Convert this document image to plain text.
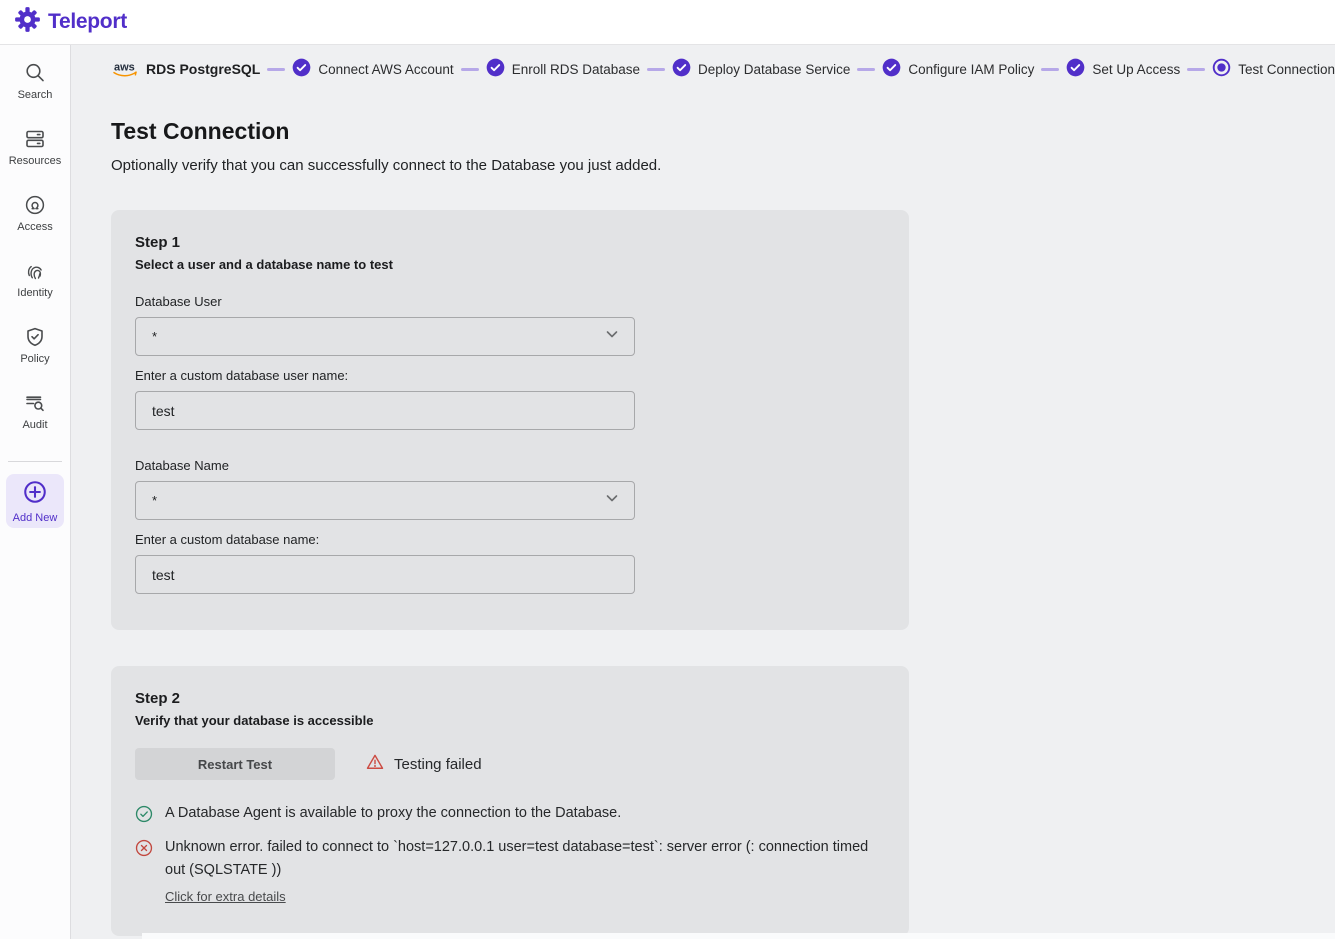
Teleport
Search
Resources
Access
Identity
Policy
Audit
Add New
aws RDS PostgreSQL	Connect AWS Account	Enroll RDS Database	Deploy Database Service	Configure IAM Policy	Set Up Access	Test Connection
Test Connection

Optionally verify that you can successfully connect to the Database you just added.

Step 1
Select a user and a database name to test
Database User
*
Enter a custom database user name:
test
Database Name
*
Enter a custom database name:
test
Step 2
Verify that your database is accessible
Restart Test	Testing failed

A Database Agent is available to proxy the connection to the Database.

Unknown error. failed to connect to `host=127.0.0.1 user=test database=test`: server error (: connection timed out (SQLSTATE ))

Click for extra details
